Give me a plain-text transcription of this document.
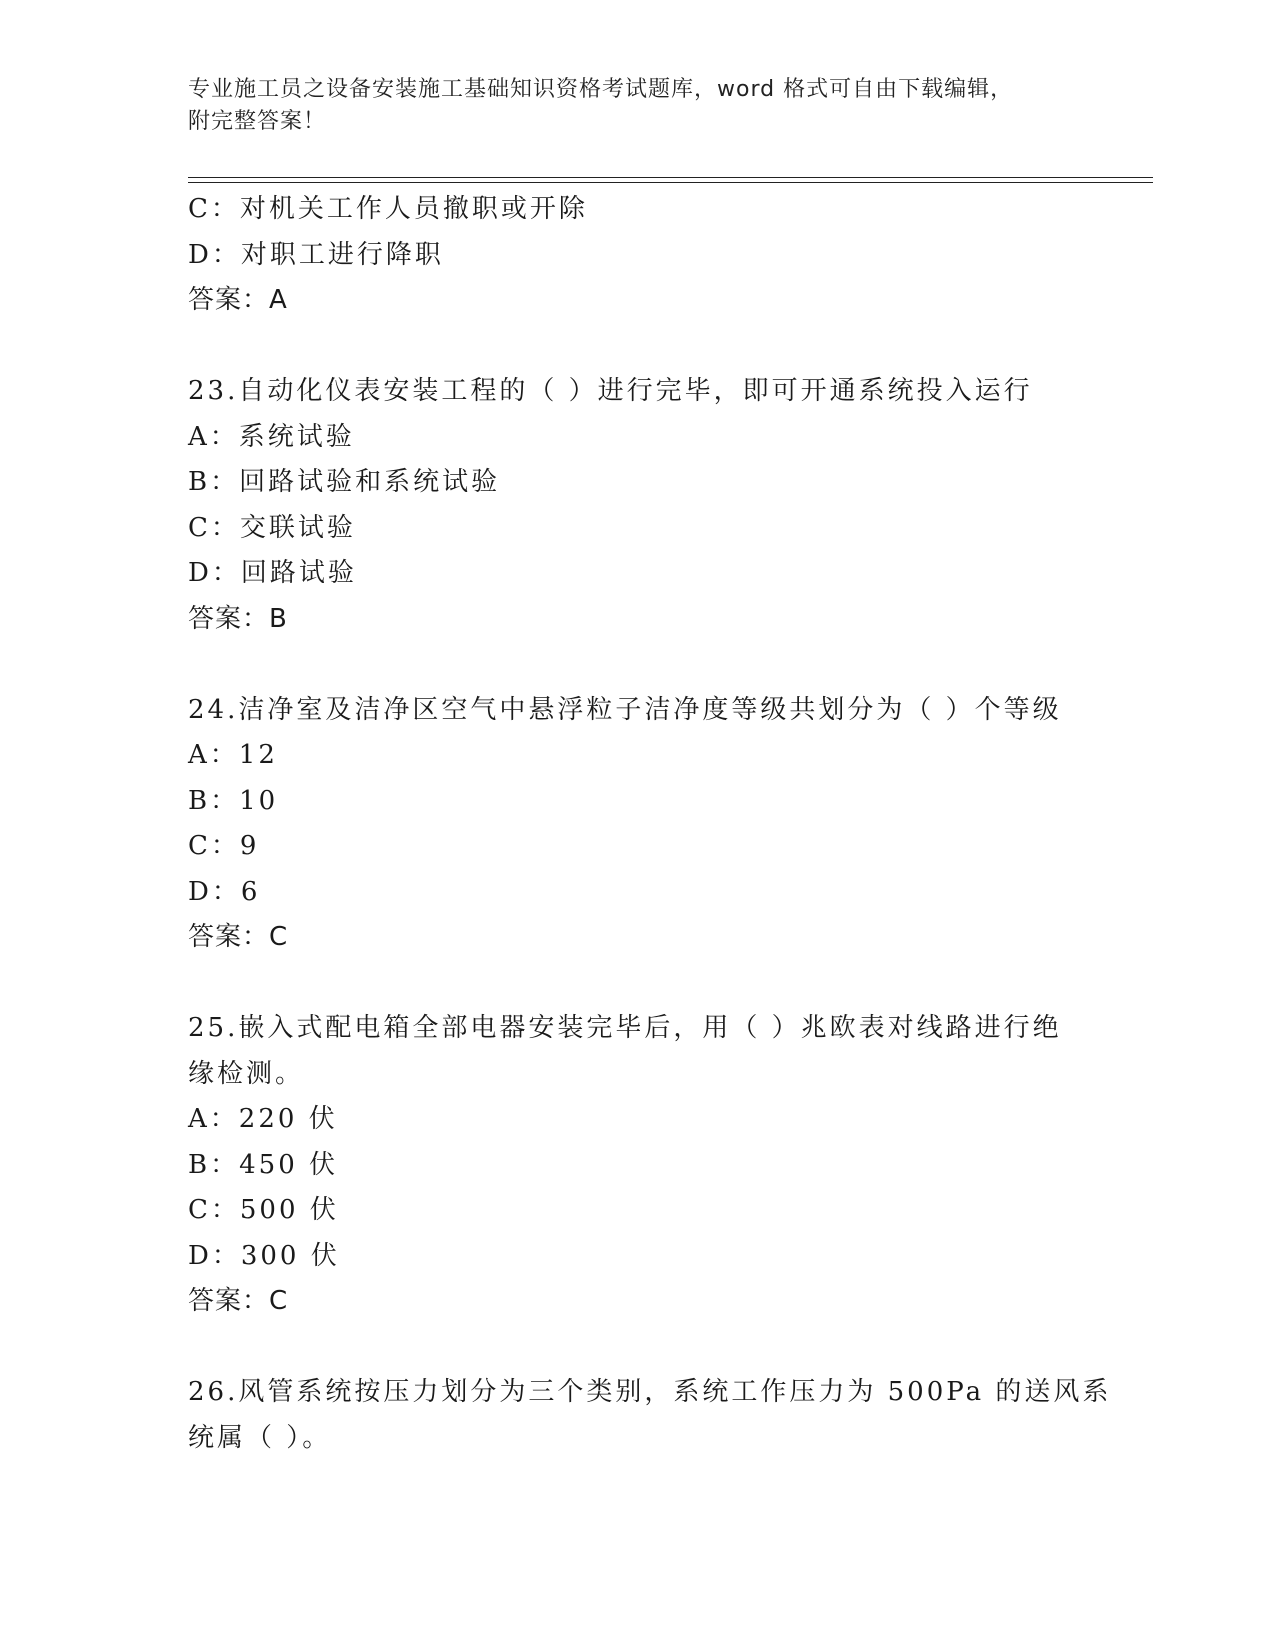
专业施工员之设备安装施工基础知识资格考试题库，word 格式可自由下载编辑，
附完整答案！
C：对机关工作人员撤职或开除
D：对职工进行降职
答案：A
23.自动化仪表安装工程的（ ）进行完毕，即可开通系统投入运行
A：系统试验
B：回路试验和系统试验
C：交联试验
D：回路试验
答案：B
24.洁净室及洁净区空气中悬浮粒子洁净度等级共划分为（ ）个等级
A：12
B：10
C：9
D：6
答案：C
25.嵌入式配电箱全部电器安装完毕后，用（ ）兆欧表对线路进行绝
缘检测。
A：220 伏
B：450 伏
C：500 伏
D：300 伏
答案：C
26.风管系统按压力划分为三个类别，系统工作压力为 500Pa 的送风系
统属（ ）。
